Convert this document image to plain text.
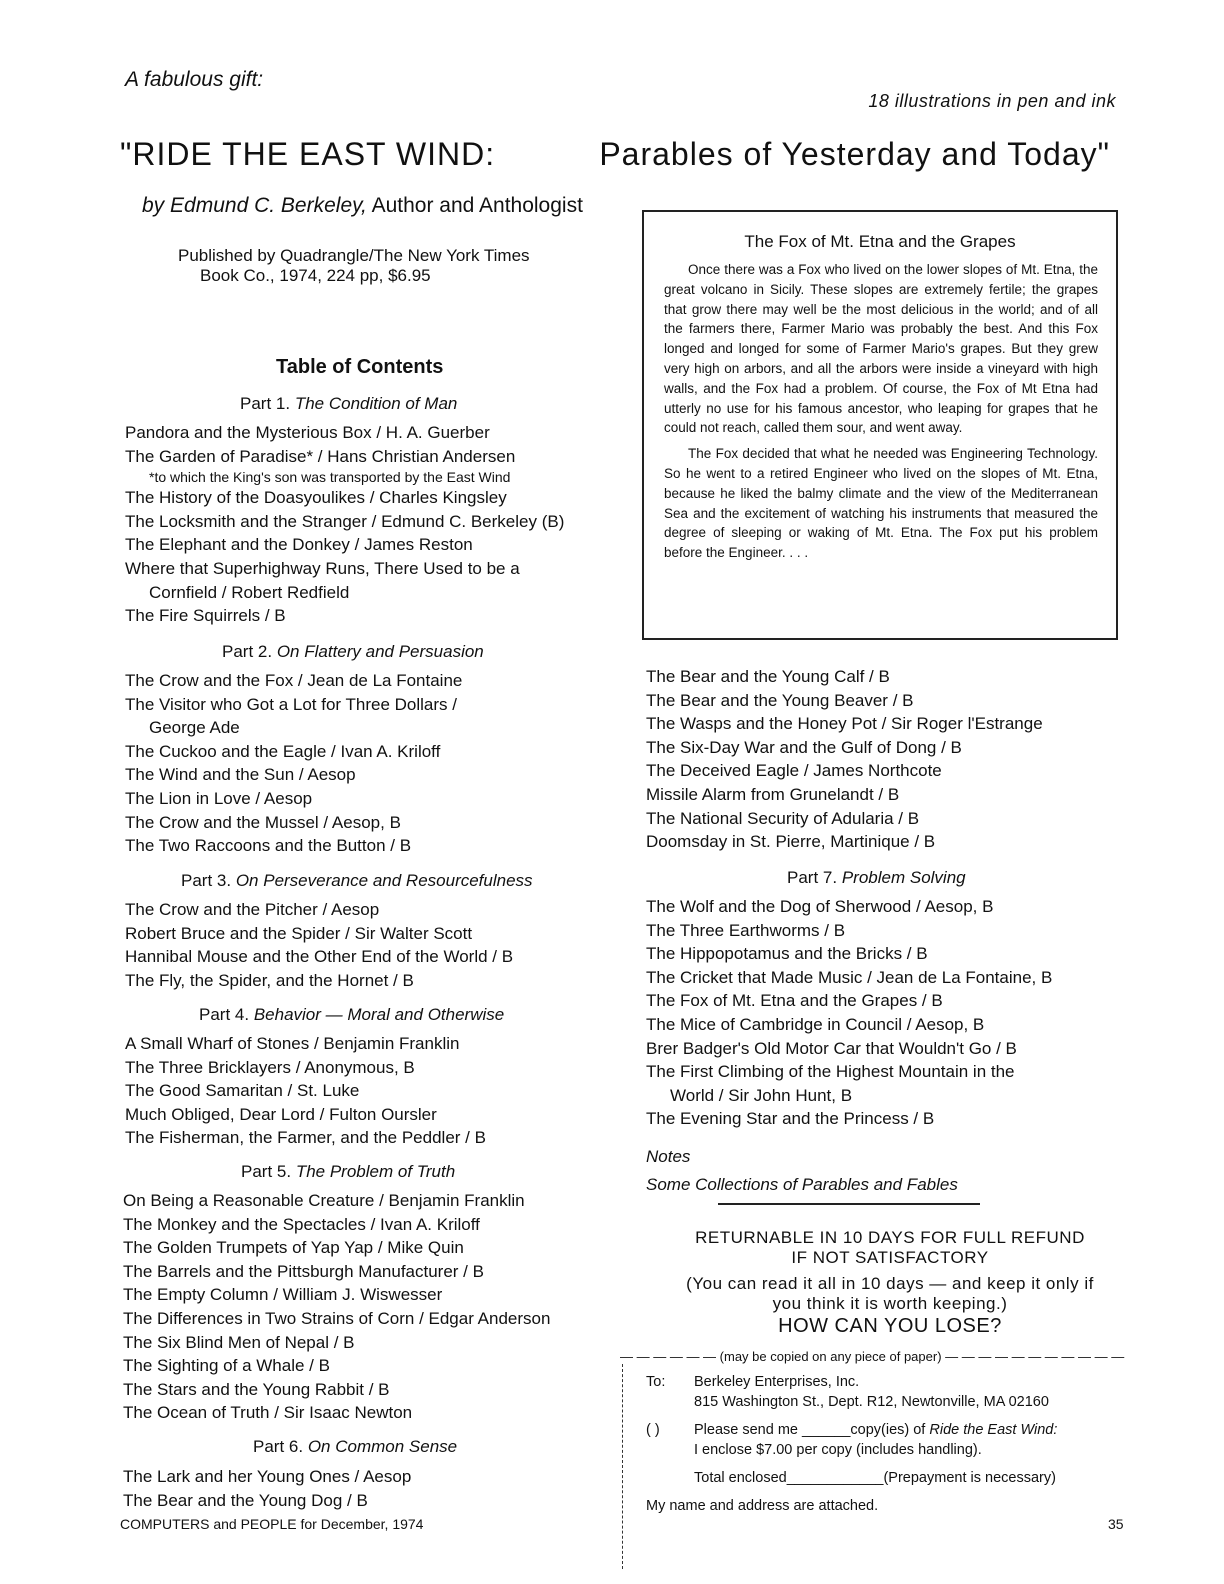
A fabulous gift:
18 illustrations in pen and ink
"RIDE THE EAST WIND:	Parables of Yesterday and Today"
by Edmund C. Berkeley, Author and Anthologist
Published by Quadrangle/The New York Times
Book Co., 1974, 224 pp, $6.95
Table of Contents
Part 1. The Condition of Man
Pandora and the Mysterious Box / H. A. Guerber
The Garden of Paradise* / Hans Christian Andersen
*to which the King's son was transported by the East Wind
The History of the Doasyoulikes / Charles Kingsley
The Locksmith and the Stranger / Edmund C. Berkeley (B)
The Elephant and the Donkey / James Reston
Where that Superhighway Runs, There Used to be a
Cornfield / Robert Redfield
The Fire Squirrels / B
Part 2. On Flattery and Persuasion
The Crow and the Fox / Jean de La Fontaine
The Visitor who Got a Lot for Three Dollars /
George Ade
The Cuckoo and the Eagle / Ivan A. Kriloff
The Wind and the Sun / Aesop
The Lion in Love / Aesop
The Crow and the Mussel / Aesop, B
The Two Raccoons and the Button / B
Part 3. On Perseverance and Resourcefulness
The Crow and the Pitcher / Aesop
Robert Bruce and the Spider / Sir Walter Scott
Hannibal Mouse and the Other End of the World / B
The Fly, the Spider, and the Hornet / B
Part 4. Behavior — Moral and Otherwise
A Small Wharf of Stones / Benjamin Franklin
The Three Bricklayers / Anonymous, B
The Good Samaritan / St. Luke
Much Obliged, Dear Lord / Fulton Oursler
The Fisherman, the Farmer, and the Peddler / B
Part 5. The Problem of Truth
On Being a Reasonable Creature / Benjamin Franklin
The Monkey and the Spectacles / Ivan A. Kriloff
The Golden Trumpets of Yap Yap / Mike Quin
The Barrels and the Pittsburgh Manufacturer / B
The Empty Column / William J. Wiswesser
The Differences in Two Strains of Corn / Edgar Anderson
The Six Blind Men of Nepal / B
The Sighting of a Whale / B
The Stars and the Young Rabbit / B
The Ocean of Truth / Sir Isaac Newton
Part 6. On Common Sense
The Lark and her Young Ones / Aesop
The Bear and the Young Dog / B
The Fox of Mt. Etna and the Grapes

Once there was a Fox who lived on the lower slopes of Mt. Etna, the great volcano in Sicily. These slopes are extremely fertile; the grapes that grow there may well be the most delicious in the world; and of all the farmers there, Farmer Mario was probably the best. And this Fox longed and longed for some of Farmer Mario's grapes. But they grew very high on arbors, and all the arbors were inside a vineyard with high walls, and the Fox had a problem. Of course, the Fox of Mt Etna had utterly no use for his famous ancestor, who leaping for grapes that he could not reach, called them sour, and went away.

The Fox decided that what he needed was Engineering Technology. So he went to a retired Engineer who lived on the slopes of Mt. Etna, because he liked the balmy climate and the view of the Mediterranean Sea and the excitement of watching his instruments that measured the degree of sleeping or waking of Mt. Etna. The Fox put his problem before the Engineer. . . .

The Bear and the Young Calf / B
The Bear and the Young Beaver / B
The Wasps and the Honey Pot / Sir Roger l'Estrange
The Six-Day War and the Gulf of Dong / B
The Deceived Eagle / James Northcote
Missile Alarm from Grunelandt / B
The National Security of Adularia / B
Doomsday in St. Pierre, Martinique / B
Part 7. Problem Solving
The Wolf and the Dog of Sherwood / Aesop, B
The Three Earthworms / B
The Hippopotamus and the Bricks / B
The Cricket that Made Music / Jean de La Fontaine, B
The Fox of Mt. Etna and the Grapes / B
The Mice of Cambridge in Council / Aesop, B
Brer Badger's Old Motor Car that Wouldn't Go / B
The First Climbing of the Highest Mountain in the
World / Sir John Hunt, B
The Evening Star and the Princess / B
Notes
Some Collections of Parables and Fables
RETURNABLE IN 10 DAYS FOR FULL REFUND
IF NOT SATISFACTORY
(You can read it all in 10 days — and keep it only if
you think it is worth keeping.)
HOW CAN YOU LOSE?
— — — — — — (may be copied on any piece of paper) — — — — — — — — — — —
To:	Berkeley Enterprises, Inc.
815 Washington St., Dept. R12, Newtonville, MA 02160
( )	Please send me ______copy(ies) of Ride the East Wind:
I enclose $7.00 per copy (includes handling).
Total enclosed____________(Prepayment is necessary)
My name and address are attached.
COMPUTERS and PEOPLE for December, 1974	35
